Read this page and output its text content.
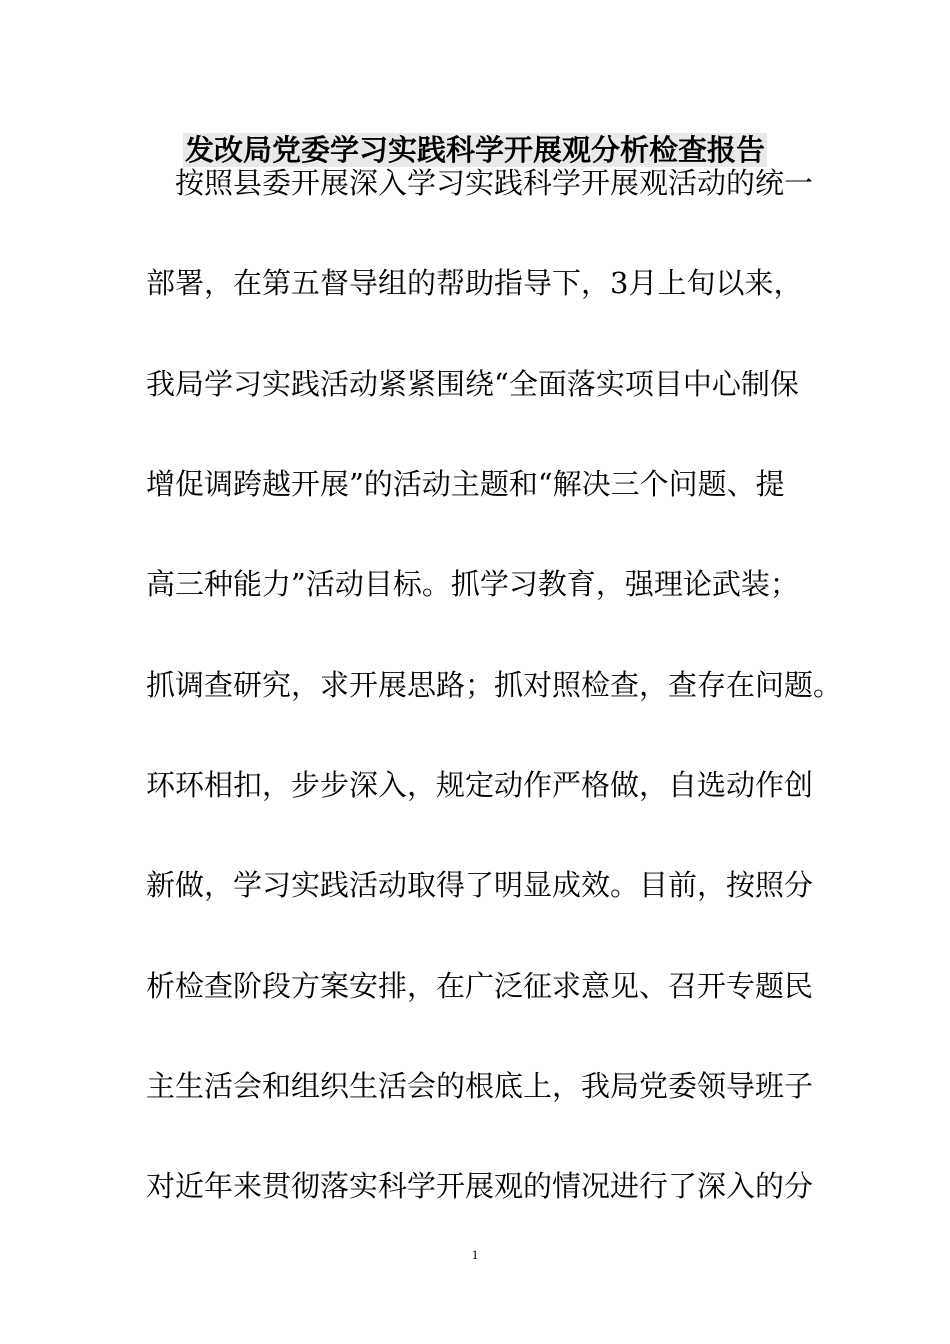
发改局党委学习实践科学开展观分析检查报告
按照县委开展深入学习实践科学开展观活动的统一
部署，在第五督导组的帮助指导下，3月上旬以来，
我局学习实践活动紧紧围绕“全面落实项目中心制保
增促调跨越开展”的活动主题和“解决三个问题、提
高三种能力”活动目标。抓学习教育，强理论武装；
抓调查研究，求开展思路；抓对照检查，查存在问题。
环环相扣，步步深入，规定动作严格做，自选动作创
新做，学习实践活动取得了明显成效。目前，按照分
析检查阶段方案安排，在广泛征求意见、召开专题民
主生活会和组织生活会的根底上，我局党委领导班子
对近年来贯彻落实科学开展观的情况进行了深入的分
1
